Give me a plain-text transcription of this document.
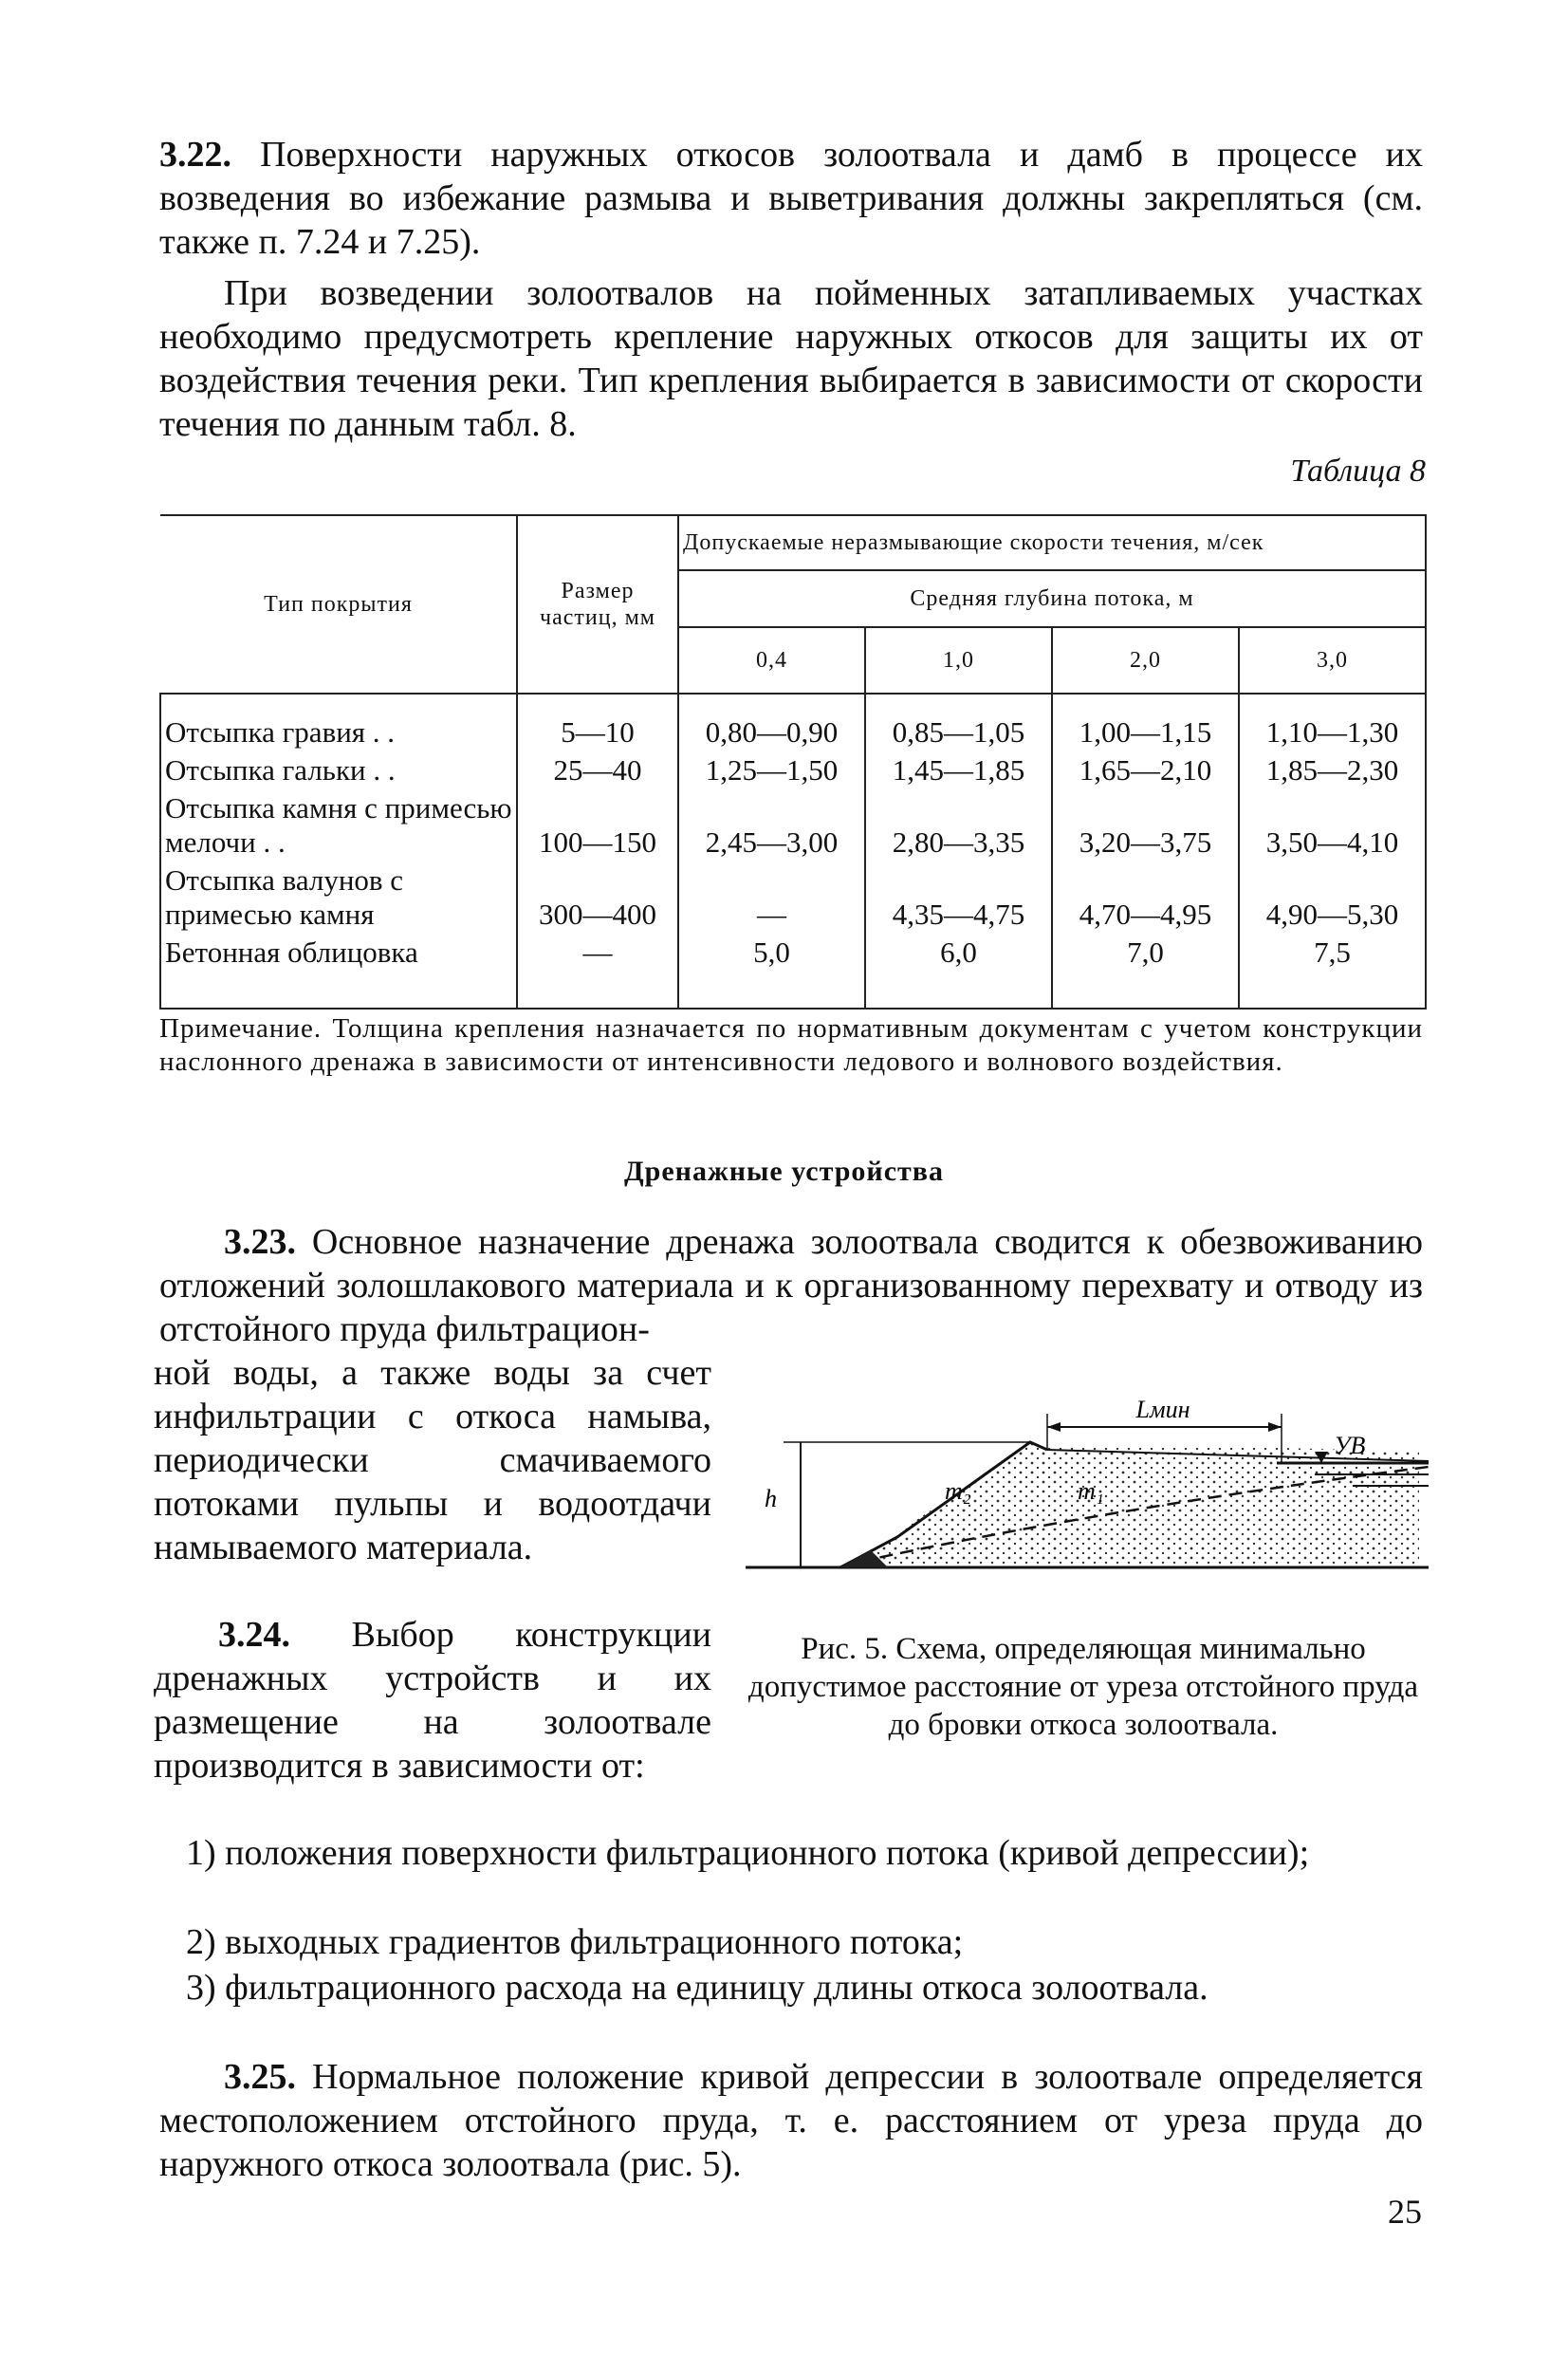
3.22. Поверхности наружных откосов золоотвала и дамб в процессе их возведения во избежание размыва и выветривания должны закрепляться (см. также п. 7.24 и 7.25).

При возведении золоотвалов на пойменных затапливаемых участках необходимо предусмотреть крепление наружных откосов для защиты их от воздействия течения реки. Тип крепления выбирается в зависимости от скорости течения по данным табл. 8.

Таблица 8
Тип покрытия	Размер частиц, мм	Допускаемые неразмывающие скорости течения, м/сек			
		Средняя глубина потока, м			
		0,4	1,0	2,0	3,0
Отсыпка гравия . .	5—10	0,80—0,90	0,85—1,05	1,00—1,15	1,10—1,30
Отсыпка гальки . .	25—40	1,25—1,50	1,45—1,85	1,65—2,10	1,85—2,30
Отсыпка камня с примесью мелочи . .	100—150	2,45—3,00	2,80—3,35	3,20—3,75	3,50—4,10
Отсыпка валунов с примесью камня	300—400	—	4,35—4,75	4,70—4,95	4,90—5,30
Бетонная облицовка	—	5,0	6,0	7,0	7,5
Примечание. Толщина крепления назначается по нормативным документам с учетом конструкции наслонного дренажа в зависимости от интенсивности ледового и волнового воздействия.
Дренажные устройства

3.23. Основное назначение дренажа золоотвала сводится к обезвоживанию отложений золошлакового материала и к организованному перехвату и отводу из отстойного пруда фильтрацион-

ной воды, а также воды за счет инфильтрации с откоса намыва, периодически смачиваемого потоками пульпы и водоотдачи намываемого материала.
3.24. Выбор конструкции дренажных устройств и их размещение на золоотвале производится в зависимости от:
h
Lмин
УВ
m₂	m₁
Рис. 5. Схема, определяющая минимально допустимое расстояние от уреза отстойного пруда до бровки откоса золоотвала.

1) положения поверхности фильтрационного потока (кривой депрессии);

2) выходных градиентов фильтрационного потока;

3) фильтрационного расхода на единицу длины откоса золоотвала.

3.25. Нормальное положение кривой депрессии в золоотвале определяется местоположением отстойного пруда, т. е. расстоянием от уреза пруда до наружного откоса золоотвала (рис. 5).

25
